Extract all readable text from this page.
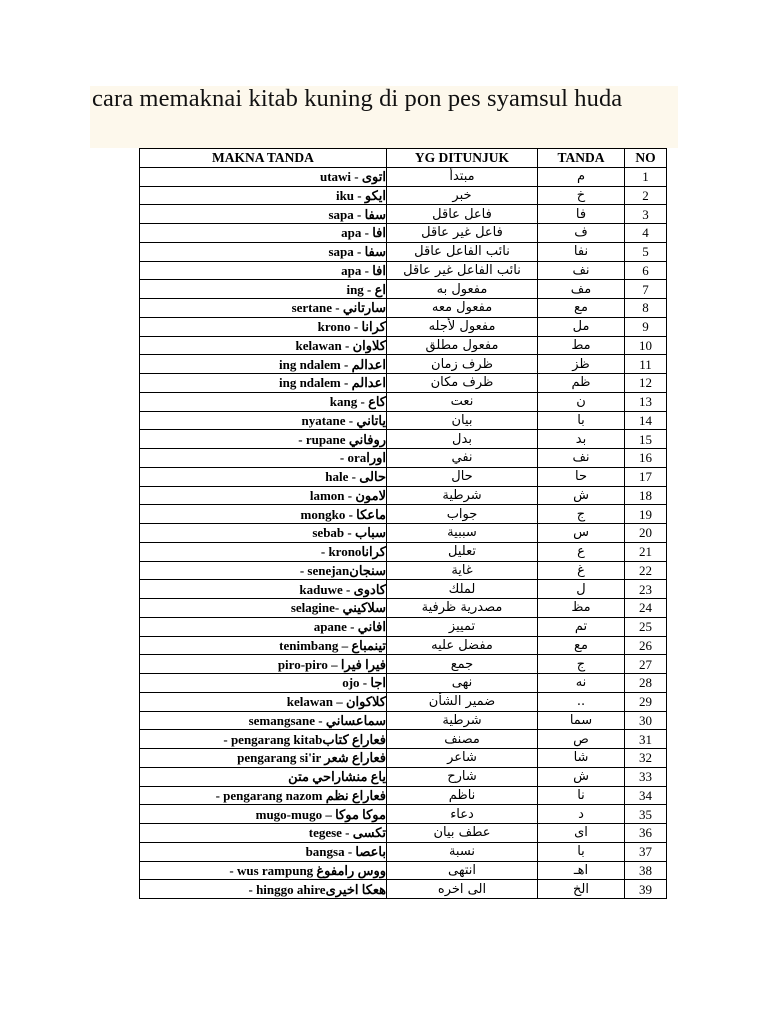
cara memaknai kitab kuning di pon pes syamsul huda
MAKNA TANDA	YG DITUNJUK	TANDA	NO
utawi - اتوى	مبتدأ	م	1
iku - ايكو	خبر	خ	2
sapa - سفا	فاعل عاقل	فا	3
apa - افا	فاعل غير عاقل	ف	4
sapa - سفا	نائب الفاعل عاقل	نفا	5
apa - افا	نائب الفاعل غير عاقل	نف	6
ing - اع	مفعول به	مف	7
sertane - سارتاني	مفعول معه	مع	8
krono - كرانا	مفعول لأجله	مل	9
kelawan - كلاوان	مفعول مطلق	مط	10
ing ndalem - اعدالم	ظرف زمان	ظز	11
ing ndalem - اعدالم	ظرف مكان	ظم	12
kang - كاع	نعت	ن	13
nyatane - ياتاني	بيان	با	14
- rupane روفاني	بدل	بد	15
- oraاورا	نفي	نف	16
hale - حالى	حال	حا	17
lamon - لامون	شرطية	ش	18
mongko - ماعكا	جواب	ج	19
sebab - سباب	سببية	س	20
- kronoكرانا	تعليل	ع	21
- senejanسنجان	غاية	غ	22
kaduwe - كادوى	لملك	ل	23
selagine- سلاكيني	مصدرية ظرفية	مظ	24
apane - افاني	تمييز	تم	25
tenimbang – تينمباع	مفضل عليه	مع	26
piro-piro – فيرا فيرا	جمع	ج	27
ojo - اجا	نهى	نه	28
kelawan – كلاكوان	ضمير الشأن	..	29
semangsane - سماعساني	شرطية	سما	30
- pengarang kitabفعاراع كتاب	مصنف	ص	31
pengarang si'ir فعاراع شعر	شاعر	شا	32
ياع منشاراحي متن	شارح	ش	33
- pengarang nazom فعاراع نظم	ناظم	نا	34
mugo-mugo – موكا موكا	دعاء	د	35
tegese - تكسى	عطف بيان	اى	36
bangsa - باعصا	نسبة	با	37
- wus rampung ووس رامفوغ	انتهى	اهـ	38
- hinggo ahireهعكا اخيرى	الى اخره	الخ	39
